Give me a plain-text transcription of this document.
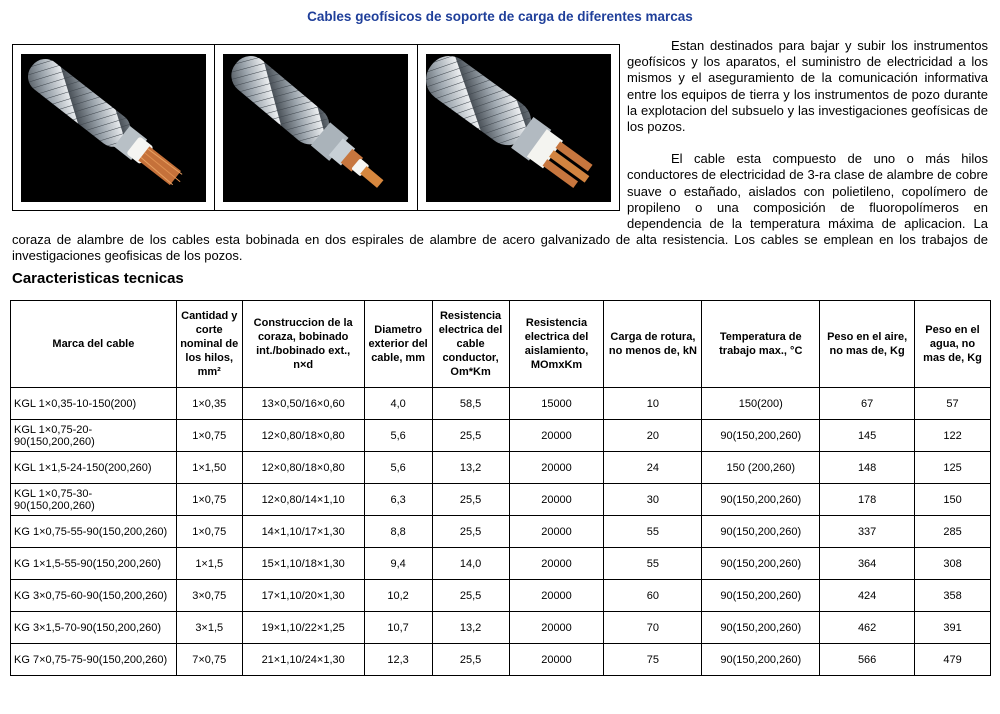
Cables geofísicos de soporte de carga de diferentes marcas

Estan destinados para bajar y subir los instrumentos geofísicos y los aparatos, el suministro de electricidad a los mismos y el aseguramiento de la comunicación informativa entre los equipos de tierra y los instrumentos de pozo durante la explotacion del subsuelo y las investigaciones geofísicas de los pozos.

El cable esta compuesto de uno o más hilos conductores de electricidad de 3-ra clase de alambre de cobre suave o estañado, aislados con polietileno, copolímero de propileno o una composición de fluoropolímeros en dependencia de la temperatura máxima de aplicacion. La coraza de alambre de los cables esta bobinada en dos espirales de alambre de acero galvanizado de alta resistencia. Los cables se emplean en los trabajos de investigaciones geofisicas de los pozos.

Caracteristicas tecnicas
Marca del cable	Cantidad y corte nominal de los hilos, mm²	Construccion de la coraza, bobinado int./bobinado ext., n×d	Diametro exterior del cable, mm	Resistencia electrica del cable conductor, Om*Km	Resistencia electrica del aislamiento, MOmxKm	Carga de rotura, no menos de, kN	Temperatura de trabajo max., °C	Peso en el aire, no mas de, Kg	Peso en el agua, no mas de, Kg
KGL 1×0,35-10-150(200)	1×0,35	13×0,50/16×0,60	4,0	58,5	15000	10	150(200)	67	57
KGL 1×0,75-20-90(150,200,260)	1×0,75	12×0,80/18×0,80	5,6	25,5	20000	20	90(150,200,260)	145	122
KGL 1×1,5-24-150(200,260)	1×1,50	12×0,80/18×0,80	5,6	13,2	20000	24	150 (200,260)	148	125
KGL 1×0,75-30-90(150,200,260)	1×0,75	12×0,80/14×1,10	6,3	25,5	20000	30	90(150,200,260)	178	150
KG 1×0,75-55-90(150,200,260)	1×0,75	14×1,10/17×1,30	8,8	25,5	20000	55	90(150,200,260)	337	285
KG 1×1,5-55-90(150,200,260)	1×1,5	15×1,10/18×1,30	9,4	14,0	20000	55	90(150,200,260)	364	308
KG 3×0,75-60-90(150,200,260)	3×0,75	17×1,10/20×1,30	10,2	25,5	20000	60	90(150,200,260)	424	358
KG 3×1,5-70-90(150,200,260)	3×1,5	19×1,10/22×1,25	10,7	13,2	20000	70	90(150,200,260)	462	391
KG 7×0,75-75-90(150,200,260)	7×0,75	21×1,10/24×1,30	12,3	25,5	20000	75	90(150,200,260)	566	479
